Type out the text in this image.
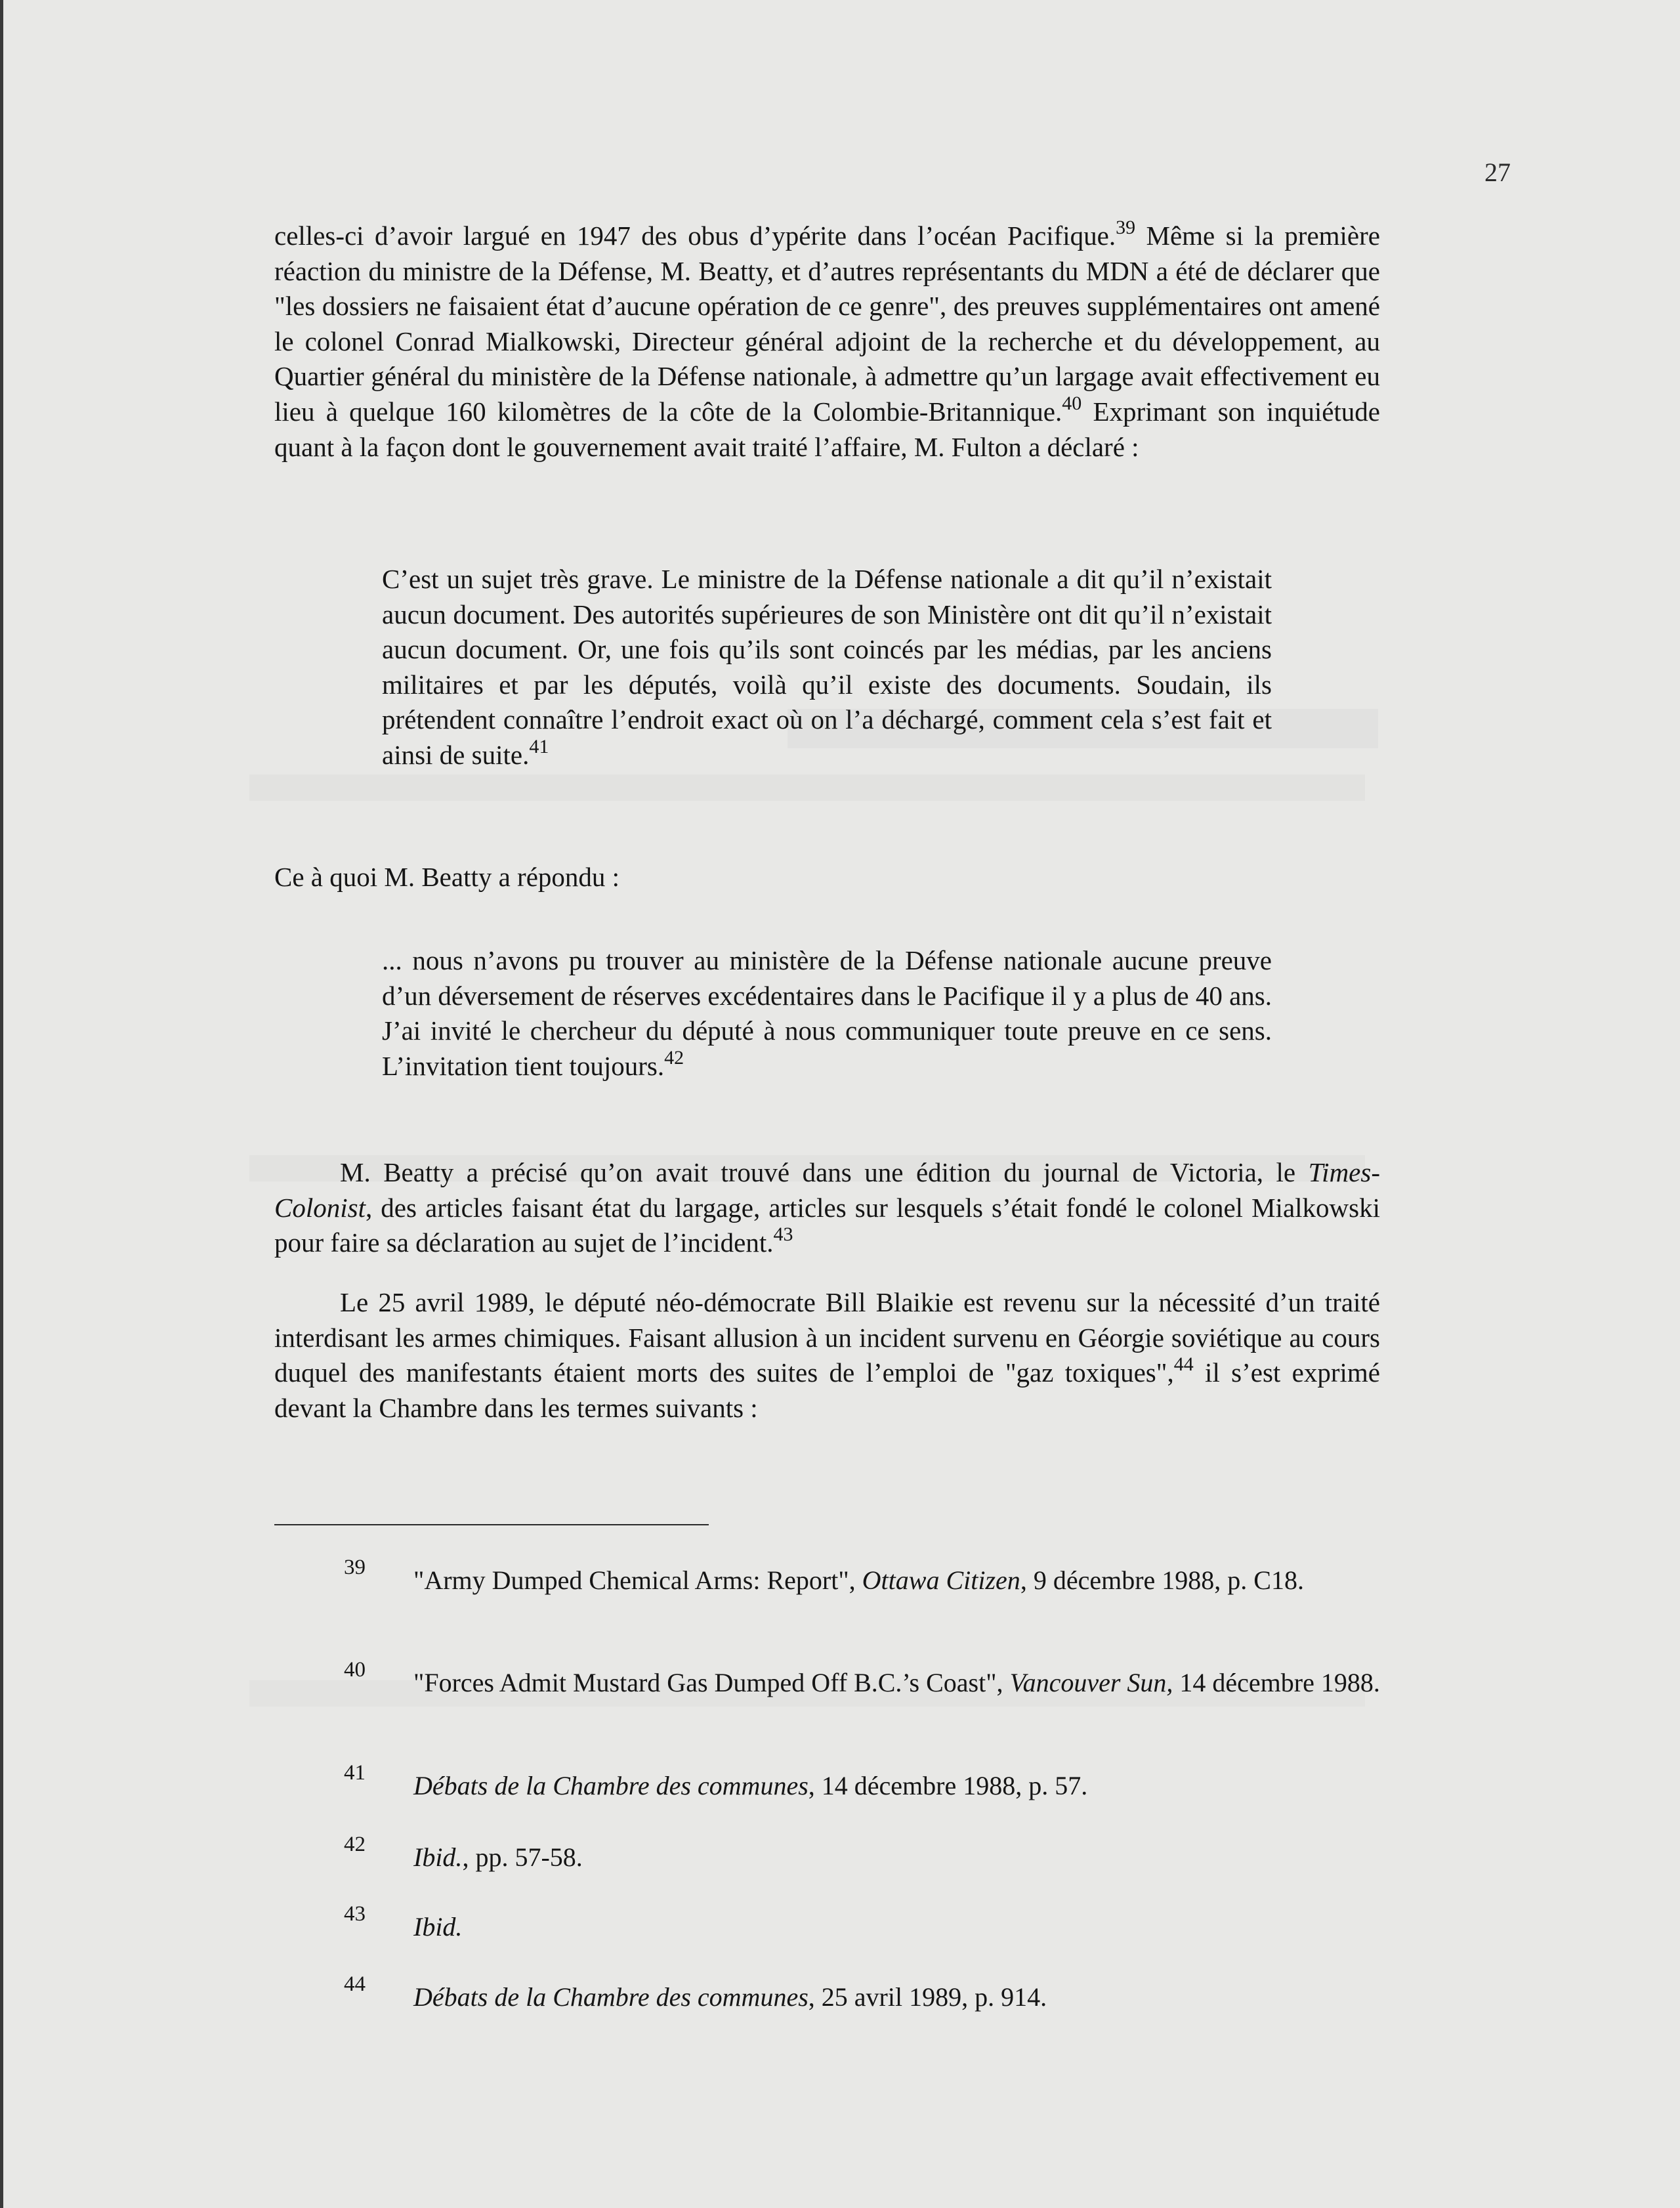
27

celles-ci d’avoir largué en 1947 des obus d’ypérite dans l’océan Pacifique.$^{39}$ Même si la première réaction du ministre de la Défense, M. Beatty, et d’autres représentants du MDN a été de déclarer que "les dossiers ne faisaient état d’aucune opération de ce genre", des preuves supplémentaires ont amené le colonel Conrad Mialkowski, Directeur général adjoint de la recherche et du développement, au Quartier général du ministère de la Défense nationale, à admettre qu’un largage avait effectivement eu lieu à quelque 160 kilomètres de la côte de la Colombie-Britannique.$^{40}$ Exprimant son inquiétude quant à la façon dont le gouvernement avait traité l’affaire, M. Fulton a déclaré :

C’est un sujet très grave. Le ministre de la Défense nationale a dit qu’il n’existait aucun document. Des autorités supérieures de son Ministère ont dit qu’il n’existait aucun document. Or, une fois qu’ils sont coincés par les médias, par les anciens militaires et par les députés, voilà qu’il existe des documents. Soudain, ils prétendent connaître l’endroit exact où on l’a déchargé, comment cela s’est fait et ainsi de suite.$^{41}$

Ce à quoi M. Beatty a répondu :

... nous n’avons pu trouver au ministère de la Défense nationale aucune preuve d’un déversement de réserves excédentaires dans le Pacifique il y a plus de 40 ans. J’ai invité le chercheur du député à nous communiquer toute preuve en ce sens. L’invitation tient toujours.$^{42}$

M. Beatty a précisé qu’on avait trouvé dans une édition du journal de Victoria, le Times-Colonist, des articles faisant état du largage, articles sur lesquels s’était fondé le colonel Mialkowski pour faire sa déclaration au sujet de l’incident.$^{43}$

Le 25 avril 1989, le député néo-démocrate Bill Blaikie est revenu sur la nécessité d’un traité interdisant les armes chimiques. Faisant allusion à un incident survenu en Géorgie soviétique au cours duquel des manifestants étaient morts des suites de l’emploi de "gaz toxiques",$^{44}$ il s’est exprimé devant la Chambre dans les termes suivants :

39 "Army Dumped Chemical Arms: Report", Ottawa Citizen, 9 décembre 1988, p. C18.

40 "Forces Admit Mustard Gas Dumped Off B.C.’s Coast", Vancouver Sun, 14 décembre 1988.

41 Débats de la Chambre des communes, 14 décembre 1988, p. 57.

42 Ibid., pp. 57-58.

43 Ibid.

44 Débats de la Chambre des communes, 25 avril 1989, p. 914.
